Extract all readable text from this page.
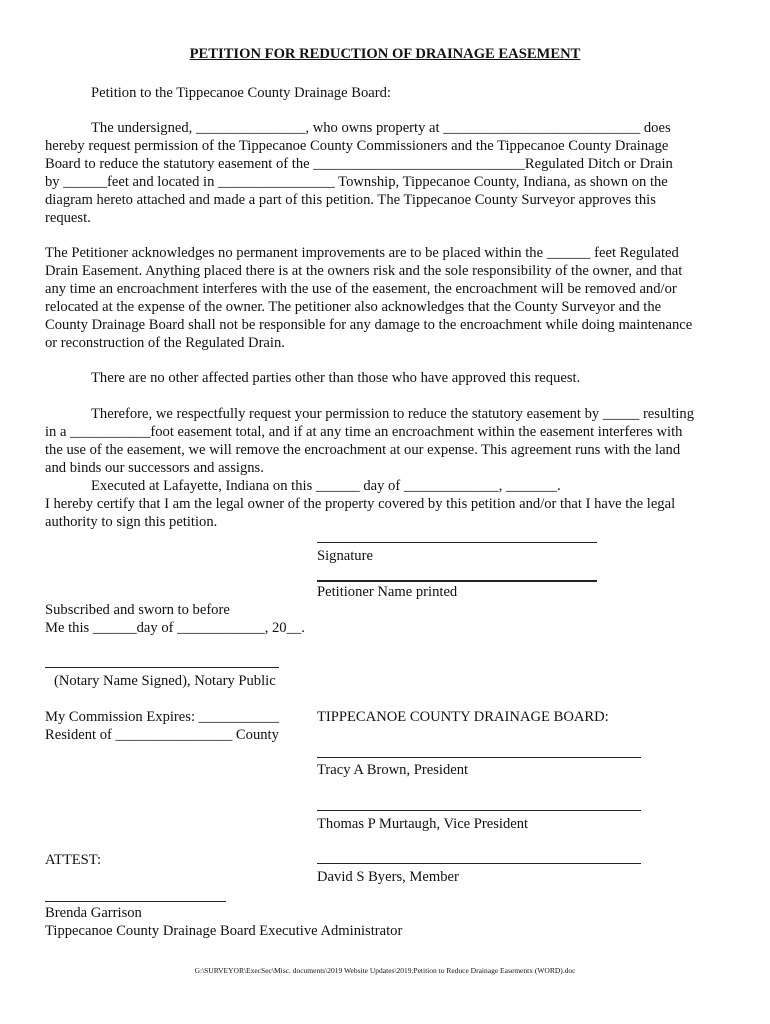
PETITION FOR REDUCTION OF DRAINAGE EASEMENT
Petition to the Tippecanoe County Drainage Board:
The undersigned, _______________, who owns property at ___________________________ does
hereby request permission of the Tippecanoe County Commissioners and the Tippecanoe County Drainage
Board to reduce the statutory easement of the _____________________________Regulated Ditch or Drain
by ______feet and located in ________________ Township, Tippecanoe County, Indiana, as shown on the
diagram hereto attached and made a part of this petition. The Tippecanoe County Surveyor approves this
request.
The Petitioner acknowledges no permanent improvements are to be placed within the ______ feet Regulated
Drain Easement. Anything placed there is at the owners risk and the sole responsibility of the owner, and that
any time an encroachment interferes with the use of the easement, the encroachment will be removed and/or
relocated at the expense of the owner. The petitioner also acknowledges that the County Surveyor and the
County Drainage Board shall not be responsible for any damage to the encroachment while doing maintenance
or reconstruction of the Regulated Drain.
There are no other affected parties other than those who have approved this request.
Therefore, we respectfully request your permission to reduce the statutory easement by _____ resulting
in a ___________foot easement total, and if at any time an encroachment within the easement interferes with
the use of the easement, we will remove the encroachment at our expense. This agreement runs with the land
and binds our successors and assigns.
Executed at Lafayette, Indiana on this ______ day of _____________, _______.
I hereby certify that I am the legal owner of the property covered by this petition and/or that I have the legal
authority to sign this petition.
Signature
Petitioner Name printed
Subscribed and sworn to before
Me this ______day of ____________, 20__.
(Notary Name Signed), Notary Public
My Commission Expires: ___________
Resident of ________________ County
TIPPECANOE COUNTY DRAINAGE BOARD:
Tracy A Brown, President
Thomas P Murtaugh, Vice President
David S Byers, Member
ATTEST:
Brenda Garrison
Tippecanoe County Drainage Board Executive Administrator
G:\SURVEYOR\ExecSec\Misc. documents\2019 Website Updates\2019.Petition to Reduce Drainage Easementx (WORD).doc
